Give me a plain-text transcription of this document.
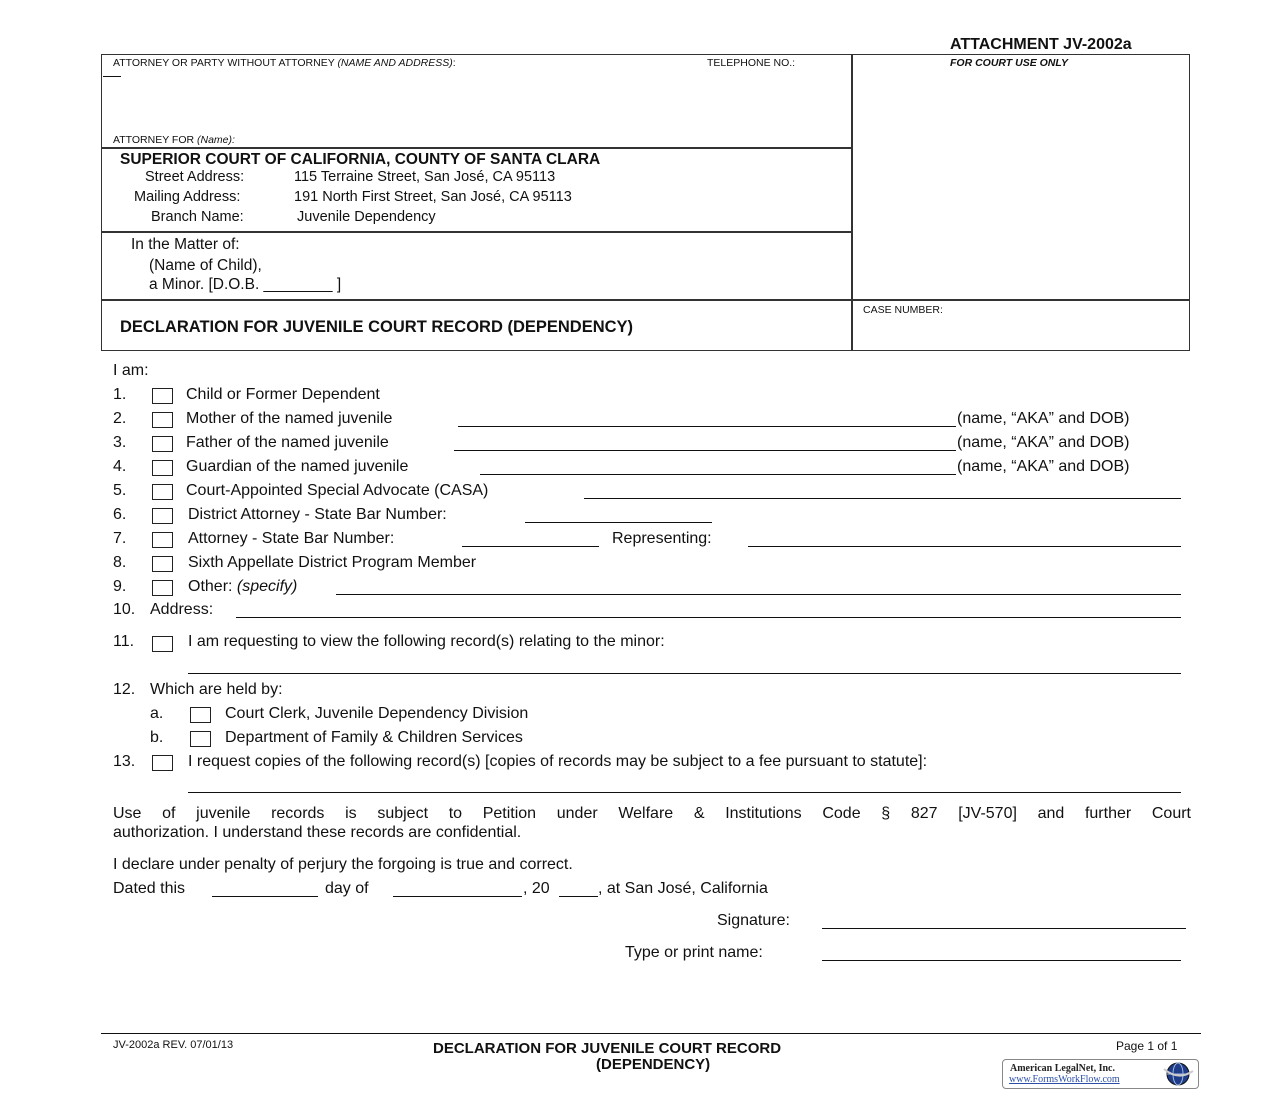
ATTACHMENT JV-2002a
ATTORNEY OR PARTY WITHOUT ATTORNEY (NAME AND ADDRESS):	TELEPHONE NO.:	FOR COURT USE ONLY
ATTORNEY FOR (Name):
SUPERIOR COURT OF CALIFORNIA, COUNTY OF SANTA CLARA
Street Address:	115 Terraine Street, San José, CA 95113
Mailing Address:	191 North First Street, San José, CA 95113
Branch Name:	Juvenile Dependency
In the Matter of:
(Name of Child),
a Minor. [D.O.B. ________ ]
DECLARATION FOR JUVENILE COURT RECORD (DEPENDENCY)
CASE NUMBER:
I am:
1.	Child or Former Dependent
2.	Mother of the named juvenile	(name, “AKA” and DOB)
3.	Father of the named juvenile	(name, “AKA” and DOB)
4.	Guardian of the named juvenile	(name, “AKA” and DOB)
5.	Court-Appointed Special Advocate (CASA)
6.	District Attorney - State Bar Number:
7.	Attorney - State Bar Number:	Representing:
8.	Sixth Appellate District Program Member
9.	Other: (specify)
10. Address:
11.	I am requesting to view the following record(s) relating to the minor:
12. Which are held by:
a.	Court Clerk, Juvenile Dependency Division
b.	Department of Family & Children Services
13.	I request copies of the following record(s) [copies of records may be subject to a fee pursuant to statute]:
Use of juvenile records is subject to Petition under Welfare & Institutions Code § 827 [JV-570] and further Court
authorization. I understand these records are confidential.
I declare under penalty of perjury the forgoing is true and correct.
Dated this	day of	, 20	, at San José, California
Signature:
Type or print name:
JV-2002a REV. 07/01/13	DECLARATION FOR JUVENILE COURT RECORD
(DEPENDENCY)
Page 1 of 1
American LegalNet, Inc.
www.FormsWorkFlow.com
